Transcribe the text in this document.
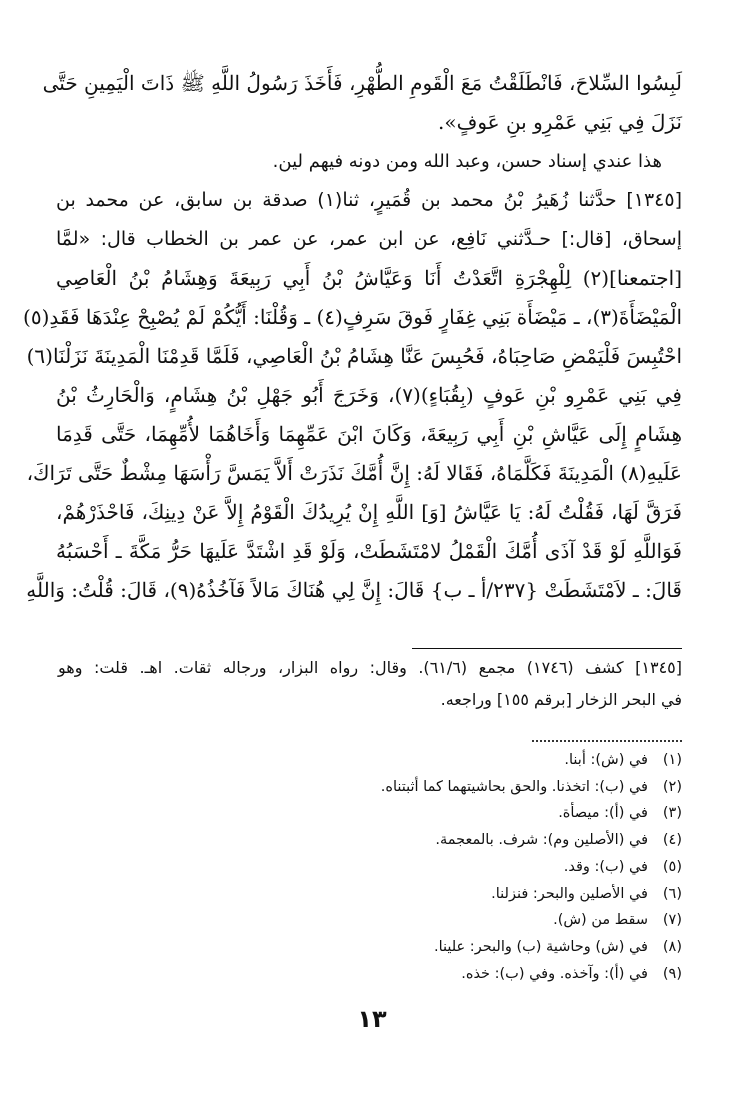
لَبِسُوا السِّلاحَ، فَانْطَلَقْتُ مَعَ الْقَومِ الطُّهْرِ، فَأَخَذَ رَسُولُ اللَّهِ ﷺ ذَاتَ الْيَمِينِ حَتَّى
نَزَلَ فِي بَنِي عَمْرِو بنِ عَوفٍ».
هذا عندي إسناد حسن، وعبد الله ومن دونه فيهم لين.
[١٣٤٥] حدَّثنا زُهَيرُ بْنُ محمد بن قُمَيرٍ، ثنا(١) صدقة بن سابق، عن محمد بن
إسحاق، [قال:] حـدَّثني نَافِع، عن ابن عمر، عن عمر بن الخطاب قال: «لمَّا
[اجتمعنا](٢) لِلْهِجْرَةِ اتَّعَدْتُ أَنَا وَعَيَّاشُ بْنُ أَبِي رَبِيعَةَ وَهِشَامُ بْنُ الْعَاصِي
الْمَيْضَأَةَ(٣)، ـ مَيْضَأَة بَنِي غِفَارٍ فَوقَ سَرِفٍ(٤) ـ وَقُلْنَا: أَيُّكُمْ لَمْ يُصْبِحْ عِنْدَهَا فَقَدِ(٥)
احْتُبِسَ فَلْيَمْضِ صَاحِبَاهُ، فَحُبِسَ عَنَّا هِشَامُ بْنُ الْعَاصِي، فَلَمَّا قَدِمْنَا الْمَدِينَةَ نَزَلْنَا(٦)
فِي بَنِي عَمْرِو بْنِ عَوفٍ (بِقُبَاءٍ)(٧)، وَخَرَجَ أَبُو جَهْلِ بْنُ هِشَامٍ، وَالْحَارِثُ بْنُ
هِشَامٍ إِلَى عَيَّاشِ بْنِ أَبِي رَبِيعَةَ، وَكَانَ ابْنَ عَمِّهِمَا وَأَخَاهُمَا لأُمِّهِمَا، حَتَّى قَدِمَا
عَلَيهِ(٨) الْمَدِينَةَ فَكَلَّمَاهُ، فَقَالا لَهُ: إِنَّ أُمَّكَ نَذَرَتْ أَلاَّ يَمَسَّ رَأْسَهَا مِشْطٌ حَتَّى تَرَاكَ،
فَرَقَّ لَهَا، فَقُلْتُ لَهُ: يَا عَيَّاشُ [وَ] اللَّهِ إِنْ يُرِيدُكَ الْقَوْمُ إِلاَّ عَنْ دِينِكَ، فَاحْذَرْهُمْ،
فَوَاللَّهِ لَوْ قَدْ آذَى أُمَّكَ الْقَمْلُ لامْتَشَطَتْ، وَلَوْ قَدِ اشْتَدَّ عَلَيهَا حَرُّ مَكَّةَ ـ أَحْسَبُهُ
قَالَ: ـ لاَمْتَشَطَتْ {٢٣٧/أ ـ ب} قَالَ: إِنَّ لِي هُنَاكَ مَالاً فَآخُذُهُ(٩)، قَالَ: قُلْتُ: وَاللَّهِ
[١٣٤٥] كشف (١٧٤٦) مجمع (٦١/٦). وقال: رواه البزار، ورجاله ثقات. اهـ. قلت: وهو
في البحر الزخار [برقم ١٥٥] وراجعه.
(١)في (ش): أبنا.
(٢)في (ب): اتخذنا. والحق بحاشيتهما كما أثبتناه.
(٣)في (أ): ميصأة.
(٤)في (الأصلين وم): شرف. بالمعجمة.
(٥)في (ب): وقد.
(٦)في الأصلين والبحر: فنزلنا.
(٧)سقط من (ش).
(٨)في (ش) وحاشية (ب) والبحر: علينا.
(٩)في (أ): وآخذه. وفي (ب): خذه.
١٣
